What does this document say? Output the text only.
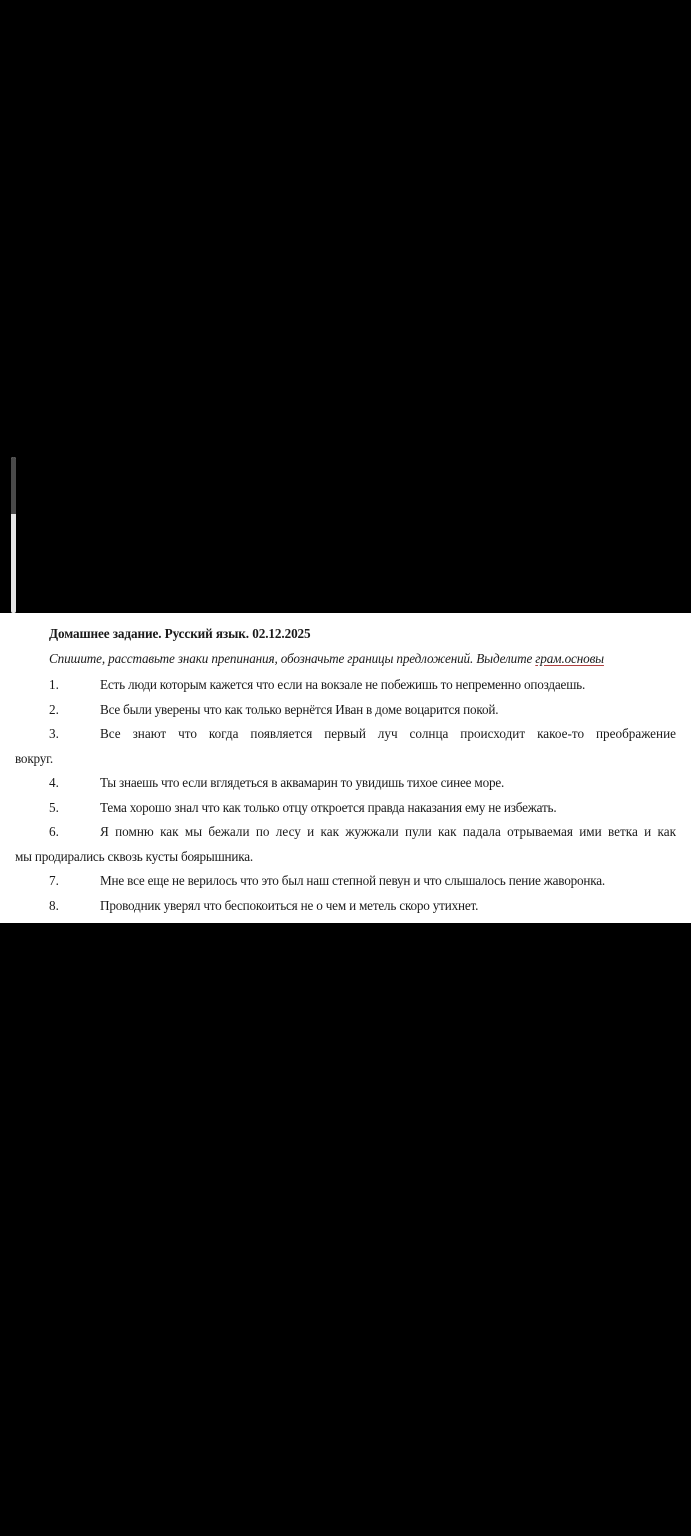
Домашнее задание. Русский язык. 02.12.2025
Спишите, расставьте знаки препинания, обозначьте границы предложений. Выделите грам.основы
1.	Есть люди которым кажется что если на вокзале не побежишь то непременно опоздаешь.
2.	Все были уверены что как только вернётся Иван в доме воцарится покой.
3.	Все знают что когда появляется первый луч солнца происходит какое-то преображение
вокруг.
4.	Ты знаешь что если вглядеться в аквамарин то увидишь тихое синее море.
5.	Тема хорошо знал что как только отцу откроется правда наказания ему не избежать.
6.	Я помню как мы бежали по лесу и как жужжали пули как падала отрываемая ими ветка и как
мы продирались сквозь кусты боярышника.
7.	Мне все еще не верилось что это был наш степной певун и что слышалось пение жаворонка.
8.	Проводник уверял что беспокоиться не о чем и метель скоро утихнет.
